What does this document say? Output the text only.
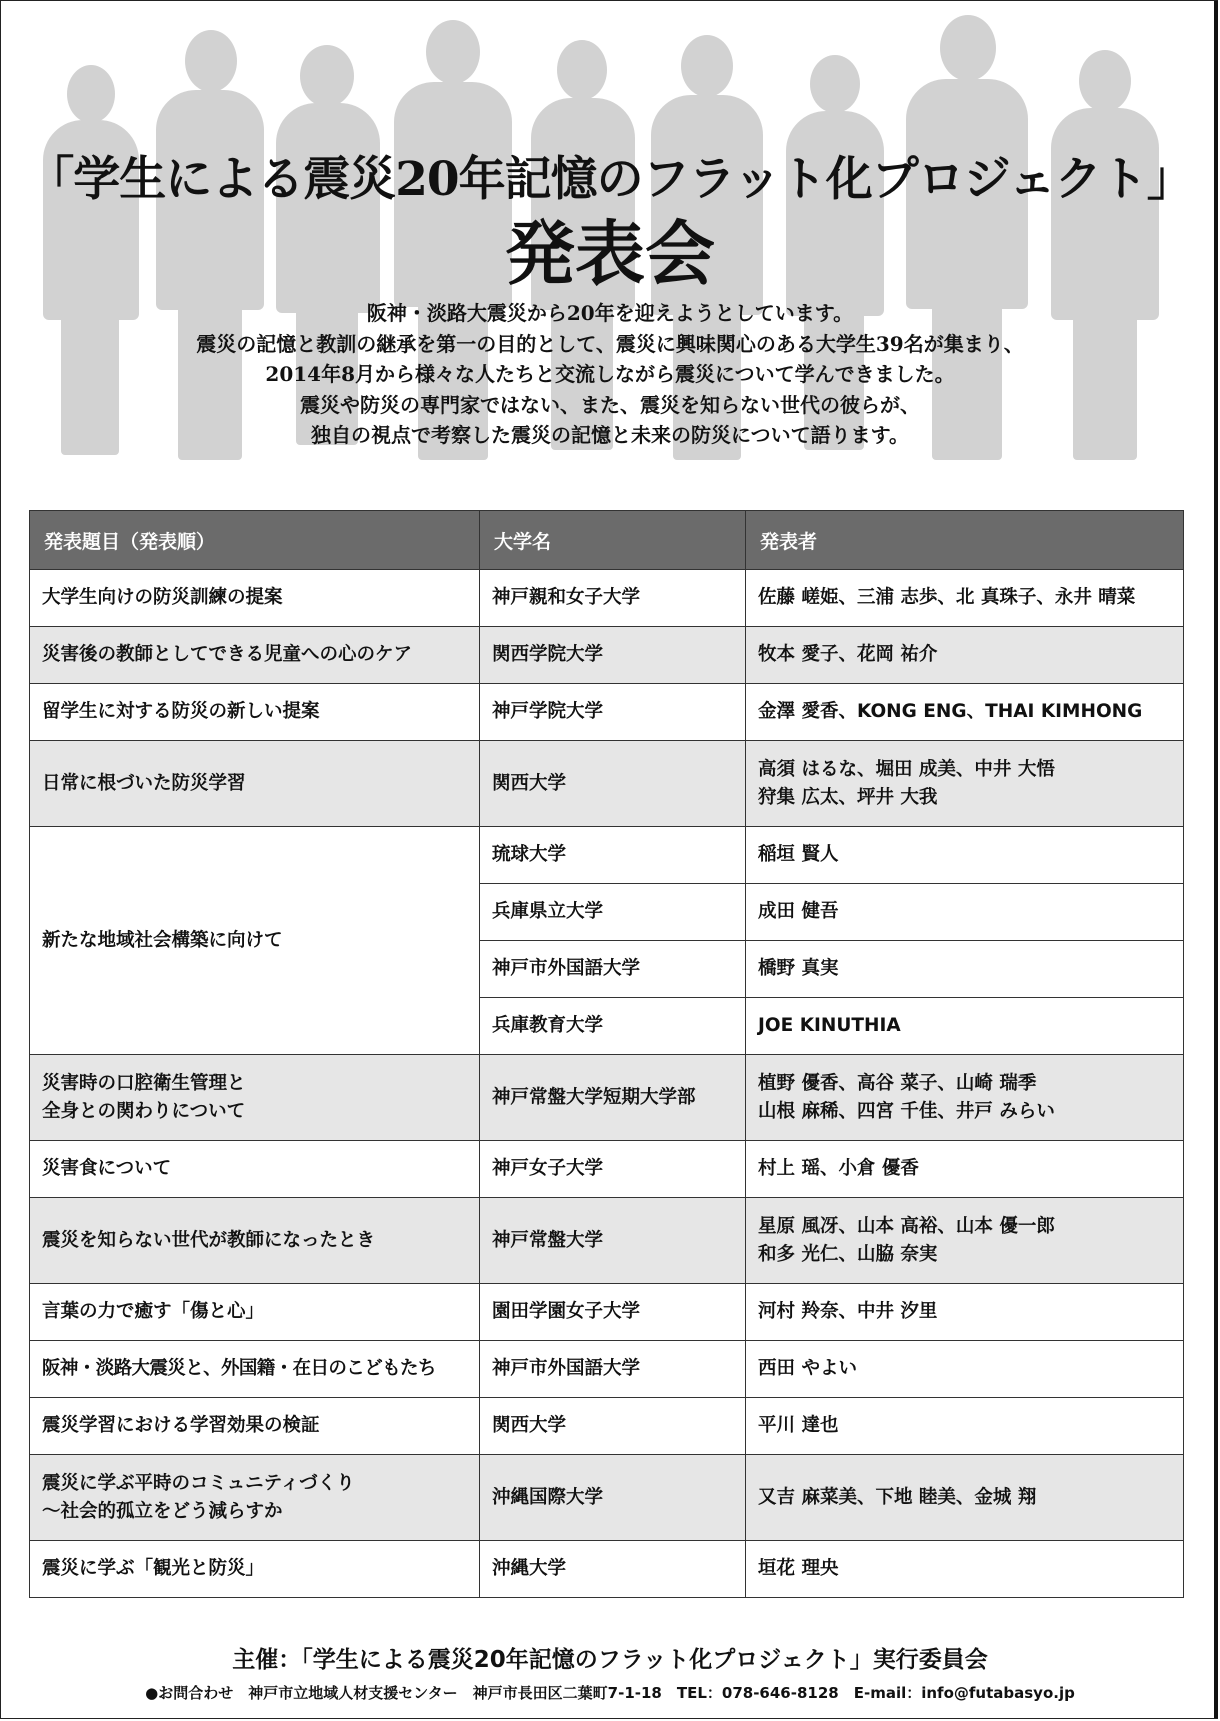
「学生による震災20年記憶のフラット化プロジェクト」
発表会
阪神・淡路大震災から20年を迎えようとしています。
震災の記憶と教訓の継承を第一の目的として、震災に興味関心のある大学生39名が集まり、
2014年8月から様々な人たちと交流しながら震災について学んできました。
震災や防災の専門家ではない、また、震災を知らない世代の彼らが、
独自の視点で考察した震災の記憶と未来の防災について語ります。
発表題目（発表順）	大学名	発表者

大学生向けの防災訓練の提案	神戸親和女子大学	佐藤 嵯姫、三浦 志歩、北 真珠子、永井 晴菜

災害後の教師としてできる児童への心のケア	関西学院大学	牧本 愛子、花岡 祐介

留学生に対する防災の新しい提案	神戸学院大学	金澤 愛香、KONG ENG、THAI KIMHONG

日常に根づいた防災学習	関西大学	高須 はるな、堀田 成美、中井 大悟
狩集 広太、坪井 大我

新たな地域社会構築に向けて	琉球大学	稲垣 賢人

	兵庫県立大学	成田 健吾

	神戸市外国語大学	橋野 真実

	兵庫教育大学	JOE KINUTHIA

災害時の口腔衛生管理と
全身との関わりについて	神戸常盤大学短期大学部	植野 優香、高谷 菜子、山崎 瑞季
山根 麻稀、四宮 千佳、井戸 みらい

災害食について	神戸女子大学	村上 瑶、小倉 優香

震災を知らない世代が教師になったとき	神戸常盤大学	星原 風冴、山本 高裕、山本 優一郎
和多 光仁、山脇 奈実

言葉の力で癒す「傷と心」	園田学園女子大学	河村 羚奈、中井 汐里

阪神・淡路大震災と、外国籍・在日のこどもたち	神戸市外国語大学	西田 やよい

震災学習における学習効果の検証	関西大学	平川 達也

震災に学ぶ平時のコミュニティづくり
～社会的孤立をどう減らすか	沖縄国際大学	又吉 麻菜美、下地 睦美、金城 翔

震災に学ぶ「観光と防災」	沖縄大学	垣花 理央
主催：「学生による震災20年記憶のフラット化プロジェクト」実行委員会
●お問合わせ　神戸市立地域人材支援センター　神戸市長田区二葉町7-1-18　TEL：078-646-8128　E-mail：info@futabasyo.jp
